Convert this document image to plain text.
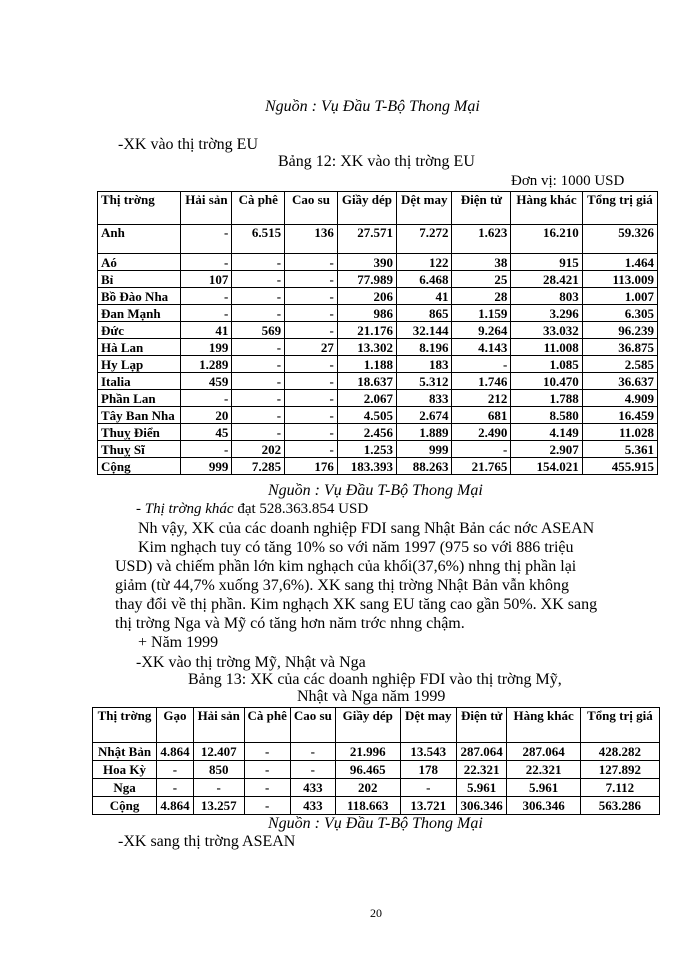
Nguồn : Vụ Đầu T-Bộ Thong Mại
-XK vào thị trờng EU
Bảng 12: XK vào thị trờng EU
Đơn vị: 1000 USD
Thị trờng	Hải sản	Cà phê	Cao su	Giầy dép	Dệt may	Điện tử	Hàng khác	Tổng trị giá
Anh	-	6.515	136	27.571	7.272	1.623	16.210	59.326
Aó	-	-	-	390	122	38	915	1.464
Bỉ	107	-	-	77.989	6.468	25	28.421	113.009
Bồ Đào Nha	-	-	-	206	41	28	803	1.007
Đan Mạnh	-	-	-	986	865	1.159	3.296	6.305
Đức	41	569	-	21.176	32.144	9.264	33.032	96.239
Hà Lan	199	-	27	13.302	8.196	4.143	11.008	36.875
Hy Lạp	1.289	-	-	1.188	183	-	1.085	2.585
Italia	459	-	-	18.637	5.312	1.746	10.470	36.637
Phần Lan	-	-	-	2.067	833	212	1.788	4.909
Tây Ban Nha	20	-	-	4.505	2.674	681	8.580	16.459
Thuỵ Điển	45	-	-	2.456	1.889	2.490	4.149	11.028
Thuỵ Sĩ	-	202	-	1.253	999	-	2.907	5.361
Cộng	999	7.285	176	183.393	88.263	21.765	154.021	455.915
Nguồn : Vụ Đầu T-Bộ Thong Mại
- Thị trờng khác đạt 528.363.854 USD
Nh vậy, XK của các doanh nghiệp FDI sang Nhật Bản các nớc ASEAN
Kim nghạch tuy có tăng 10% so với năm 1997 (975 so với 886 triệu
USD) và chiếm phần lớn kim nghạch của khối(37,6%) nhng thị phần lại
giảm (từ 44,7% xuống 37,6%). XK sang thị trờng Nhật Bản vẫn không
thay đổi về thị phần. Kim nghạch XK sang EU tăng cao gần 50%. XK sang
thị trờng Nga và Mỹ có tăng hơn năm trớc nhng chậm.
+ Năm 1999
-XK vào thị trờng Mỹ, Nhật và Nga
Bảng 13: XK của các doanh nghiệp FDI vào thị trờng Mỹ,
Nhật và Nga năm 1999
Thị trờng	Gạo	Hải sản	Cà phê	Cao su	Giầy dép	Dệt may	Điện tử	Hàng khác	Tổng trị giá
Nhật Bản	4.864	12.407	-	-	21.996	13.543	287.064	287.064	428.282
Hoa Kỳ	-	850	-	-	96.465	178	22.321	22.321	127.892
Nga	-	-	-	433	202	-	5.961	5.961	7.112
Cộng	4.864	13.257	-	433	118.663	13.721	306.346	306.346	563.286
Nguồn : Vụ Đầu T-Bộ Thong Mại
-XK sang thị trờng ASEAN
20
